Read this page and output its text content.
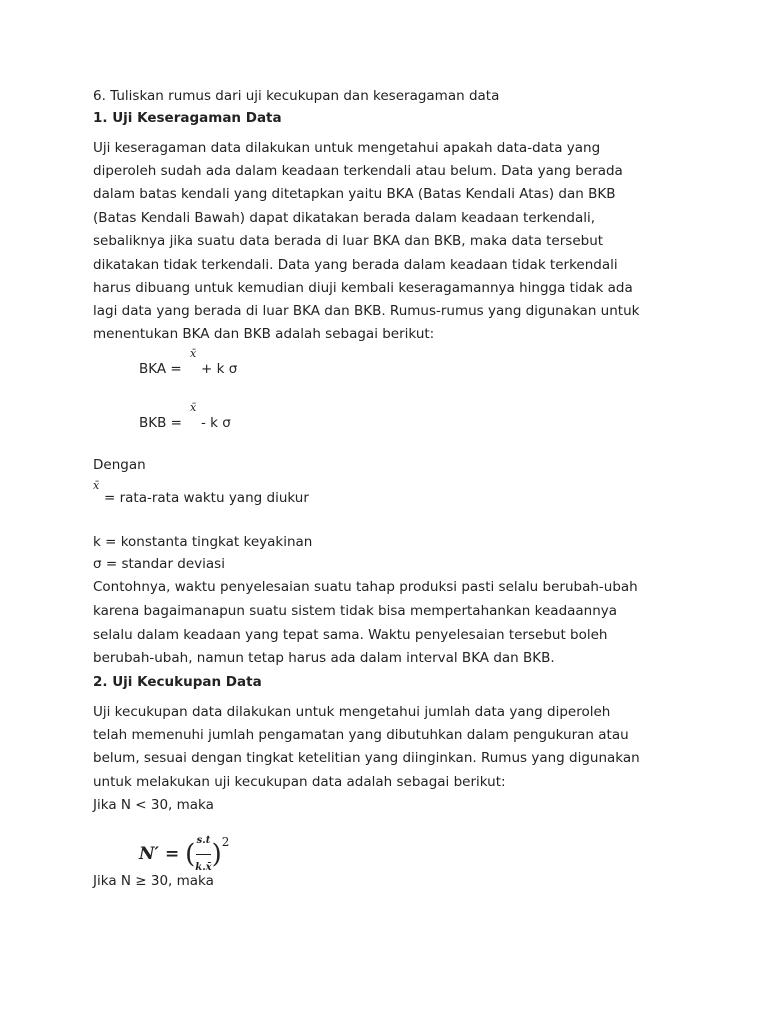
6. Tuliskan rumus dari uji kecukupan dan keseragaman data
1. Uji Keseragaman Data
Uji keseragaman data dilakukan untuk mengetahui apakah data-data yang
diperoleh sudah ada dalam keadaan terkendali atau belum. Data yang berada
dalam batas kendali yang ditetapkan yaitu BKA (Batas Kendali Atas) dan BKB
(Batas Kendali Bawah) dapat dikatakan berada dalam keadaan terkendali,
sebaliknya jika suatu data berada di luar BKA dan BKB, maka data tersebut
dikatakan tidak terkendali. Data yang berada dalam keadaan tidak terkendali
harus dibuang untuk kemudian diuji kembali keseragamannya hingga tidak ada
lagi data yang berada di luar BKA dan BKB. Rumus-rumus yang digunakan untuk
menentukan BKA dan BKB adalah sebagai berikut:
BKA =
x̄
+ k σ
BKB =
x̄
- k σ
Dengan
x̄
= rata-rata waktu yang diukur
k = konstanta tingkat keyakinan
σ = standar deviasi
Contohnya, waktu penyelesaian suatu tahap produksi pasti selalu berubah-ubah
karena bagaimanapun suatu sistem tidak bisa mempertahankan keadaannya
selalu dalam keadaan yang tepat sama. Waktu penyelesaian tersebut boleh
berubah-ubah, namun tetap harus ada dalam interval BKA dan BKB.
2. Uji Kecukupan Data
Uji kecukupan data dilakukan untuk mengetahui jumlah data yang diperoleh
telah memenuhi jumlah pengamatan yang dibutuhkan dalam pengukuran atau
belum, sesuai dengan tingkat ketelitian yang diinginkan. Rumus yang digunakan
untuk melakukan uji kecukupan data adalah sebagai berikut:
Jika N < 30, maka
N′ = ( $\frac{s.t}{k.x̄} )^2$
Jika N ≥ 30, maka
